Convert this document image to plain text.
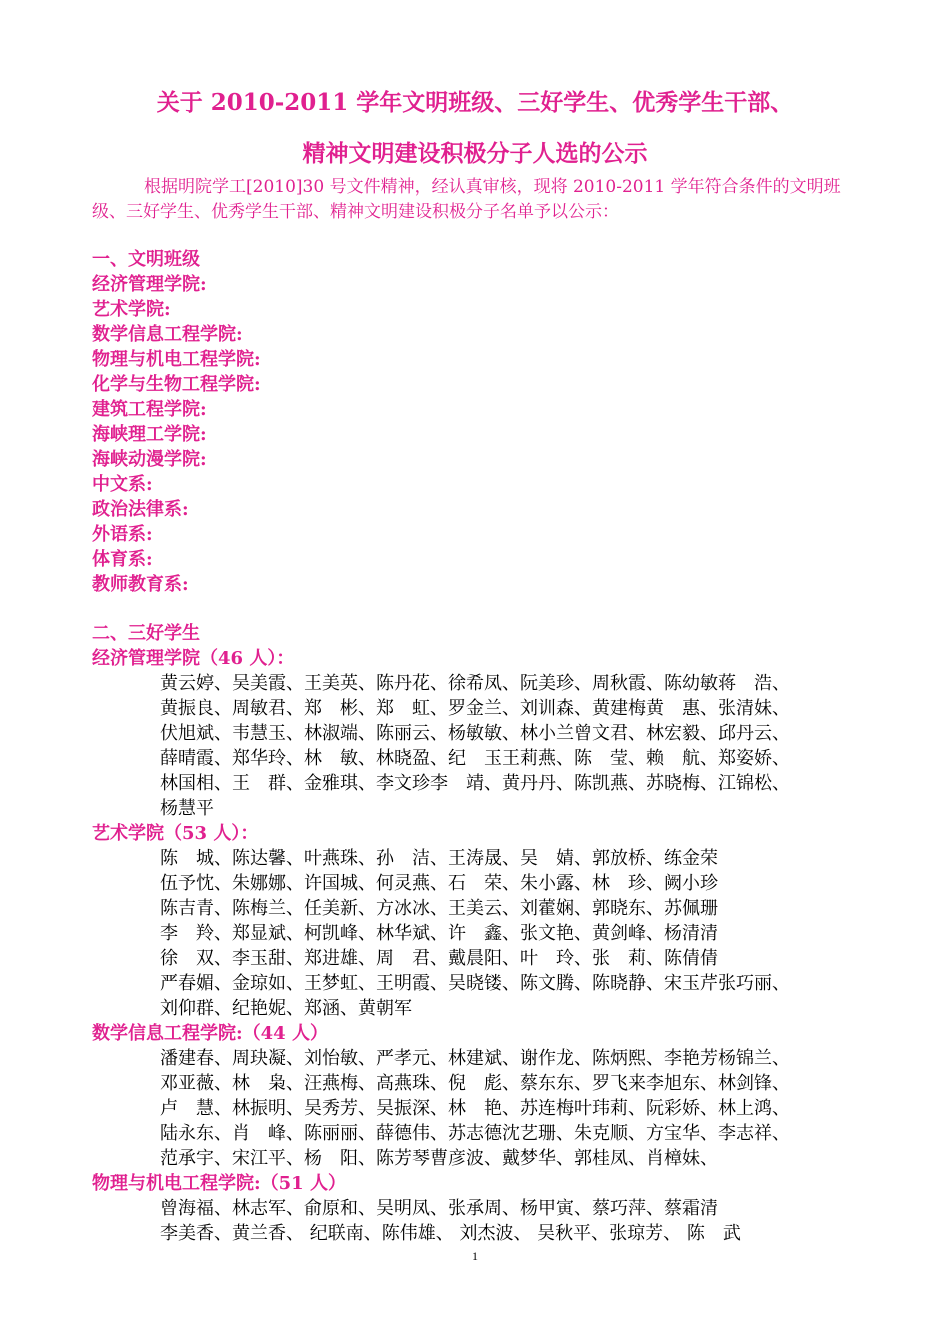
关于 2010-2011 学年文明班级、三好学生、优秀学生干部、
精神文明建设积极分子人选的公示
根据明院学工[2010]30 号文件精神，经认真审核，现将 2010-2011 学年符合条件的文明班级、三好学生、优秀学生干部、精神文明建设积极分子名单予以公示：
一、文明班级
经济管理学院:
艺术学院:
数学信息工程学院:
物理与机电工程学院:
化学与生物工程学院:
建筑工程学院:
海峡理工学院:
海峡动漫学院:
中文系:
政治法律系:
外语系:
体育系:
教师教育系:
二、三好学生
经济管理学院（46 人）：
黄云婷、吴美霞、王美英、陈丹花、徐希凤、阮美珍、周秋霞、陈幼敏蒋　浩、
黄振良、周敏君、郑　彬、郑　虹、罗金兰、刘训森、黄建梅黄　惠、张清妹、
伏旭斌、韦慧玉、林淑端、陈丽云、杨敏敏、林小兰曾文君、林宏毅、邱丹云、
薛晴霞、郑华玲、林　敏、林晓盈、纪　玉王莉燕、陈　莹、赖　航、郑姿娇、
林国相、王　群、金雅琪、李文珍李　靖、黄丹丹、陈凯燕、苏晓梅、江锦松、
杨慧平
艺术学院（53 人）：
陈　城、陈达馨、叶燕珠、孙　洁、王涛晟、吴　婧、郭放桥、练金荣
伍予忱、朱娜娜、许国城、何灵燕、石　荣、朱小露、林　珍、阙小珍
陈吉青、陈梅兰、任美新、方冰冰、王美云、刘藿娴、郭晓东、苏佩珊
李　羚、郑显斌、柯凯峰、林华斌、许　鑫、张文艳、黄剑峰、杨清清
徐　双、李玉甜、郑进雄、周　君、戴晨阳、叶　玲、张　莉、陈倩倩
严春媚、金琼如、王梦虹、王明霞、吴晓镂、陈文腾、陈晓静、宋玉芹张巧丽、
刘仰群、纪艳妮、郑涵、黄朝军
数学信息工程学院:（44 人）
潘建春、周玦凝、刘怡敏、严孝元、林建斌、谢作龙、陈炳熙、李艳芳杨锦兰、
邓亚薇、林　枭、汪燕梅、高燕珠、倪　彪、蔡东东、罗飞来李旭东、林剑锋、
卢　慧、林振明、吴秀芳、吴振深、林　艳、苏连梅叶玮莉、阮彩娇、林上鸿、
陆永东、肖　峰、陈丽丽、薛德伟、苏志德沈艺珊、朱克顺、方宝华、李志祥、
范承宇、宋江平、杨　阳、陈芳琴曹彦波、戴梦华、郭桂凤、肖樟妹、
物理与机电工程学院:（51 人）
曾海福、林志军、俞原和、吴明凤、张承周、杨甲寅、蔡巧萍、蔡霜清
李美香、黄兰香、 纪联南、陈伟雄、 刘杰波、 吴秋平、张琼芳、 陈　武
1
